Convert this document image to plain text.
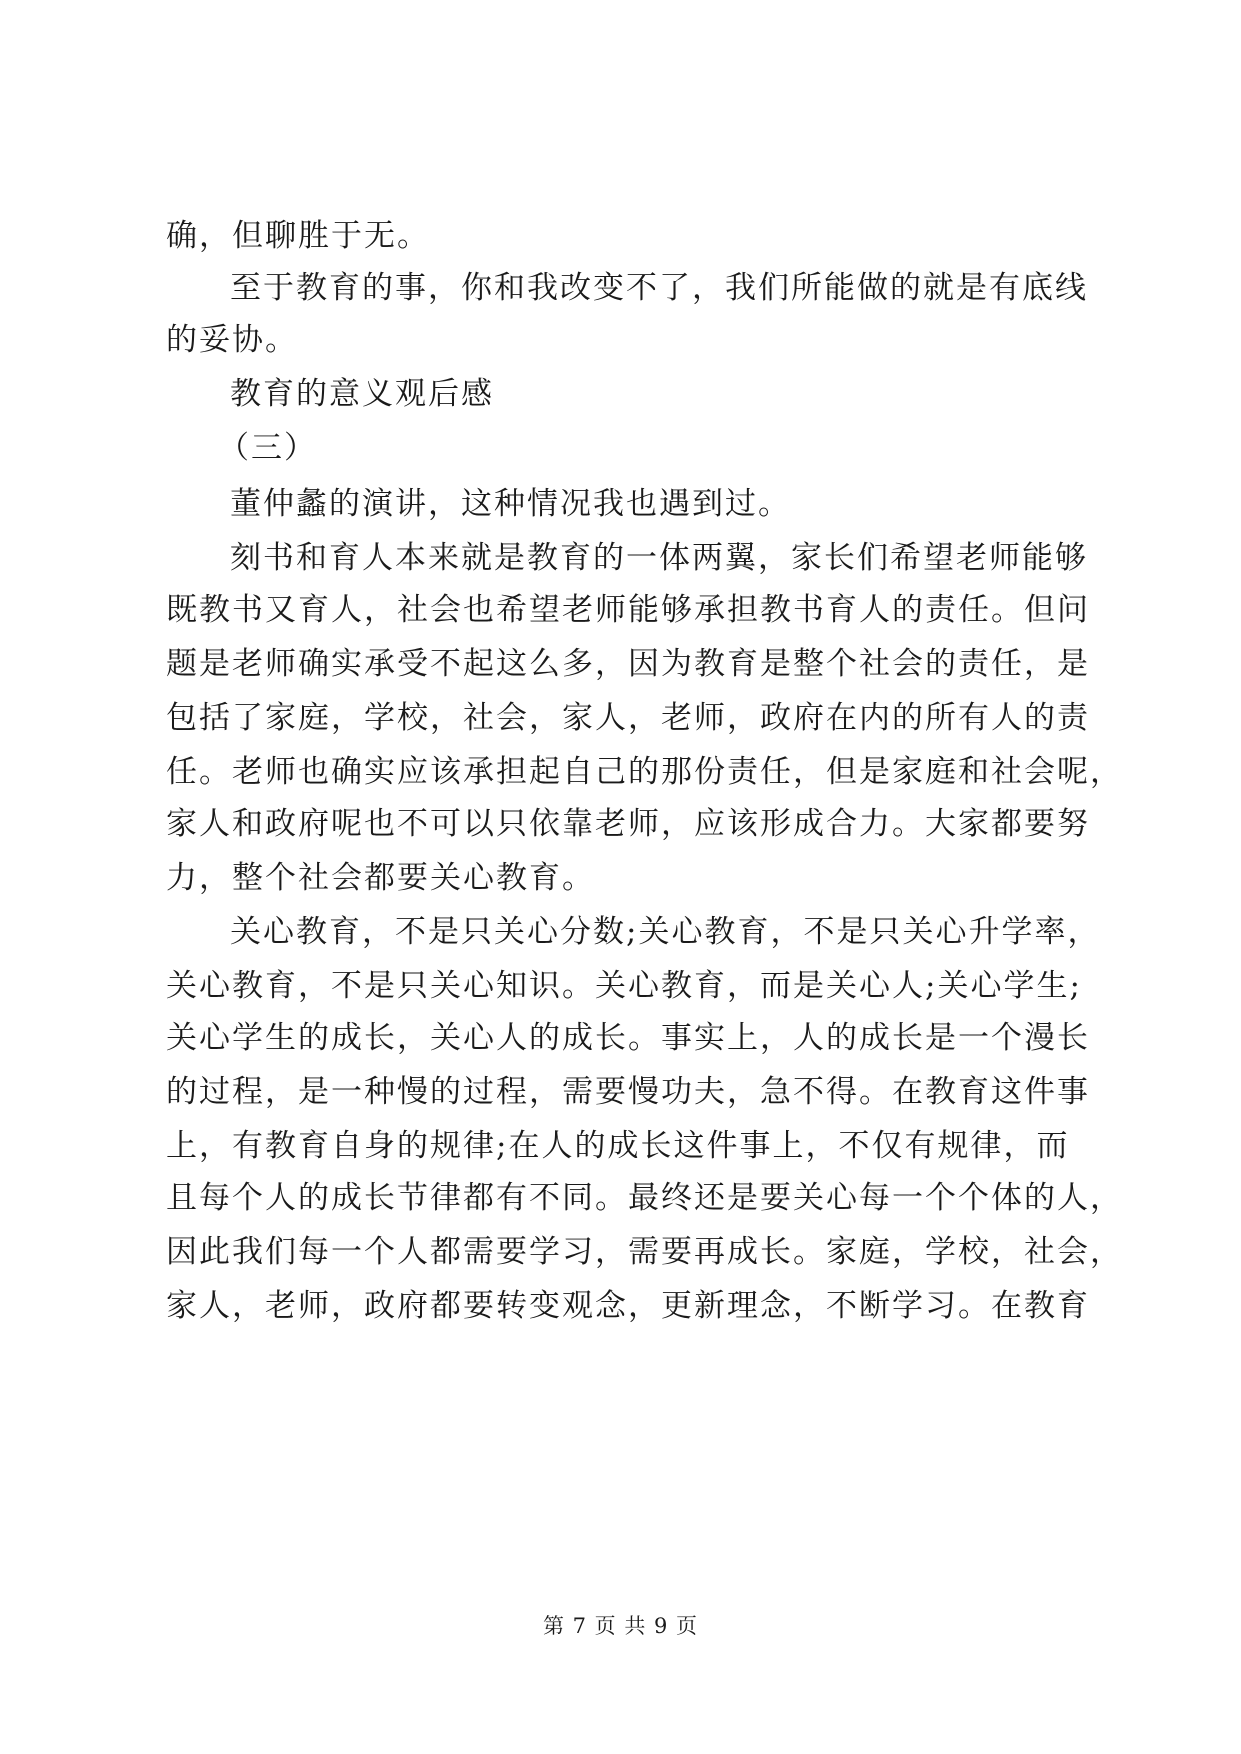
确，但聊胜于无。
至于教育的事，你和我改变不了，我们所能做的就是有底线
的妥协。
教育的意义观后感
（三）
董仲蠡的演讲，这种情况我也遇到过。
刻书和育人本来就是教育的一体两翼，家长们希望老师能够
既教书又育人，社会也希望老师能够承担教书育人的责任。但问
题是老师确实承受不起这么多，因为教育是整个社会的责任，是
包括了家庭，学校，社会，家人，老师，政府在内的所有人的责
任。老师也确实应该承担起自己的那份责任，但是家庭和社会呢，
家人和政府呢也不可以只依靠老师，应该形成合力。大家都要努
力，整个社会都要关心教育。
关心教育，不是只关心分数;关心教育，不是只关心升学率，
关心教育，不是只关心知识。关心教育，而是关心人;关心学生;
关心学生的成长，关心人的成长。事实上，人的成长是一个漫长
的过程，是一种慢的过程，需要慢功夫，急不得。在教育这件事
上，有教育自身的规律;在人的成长这件事上，不仅有规律，而
且每个人的成长节律都有不同。最终还是要关心每一个个体的人，
因此我们每一个人都需要学习，需要再成长。家庭，学校，社会，
家人，老师，政府都要转变观念，更新理念，不断学习。在教育
第 7 页 共 9 页
